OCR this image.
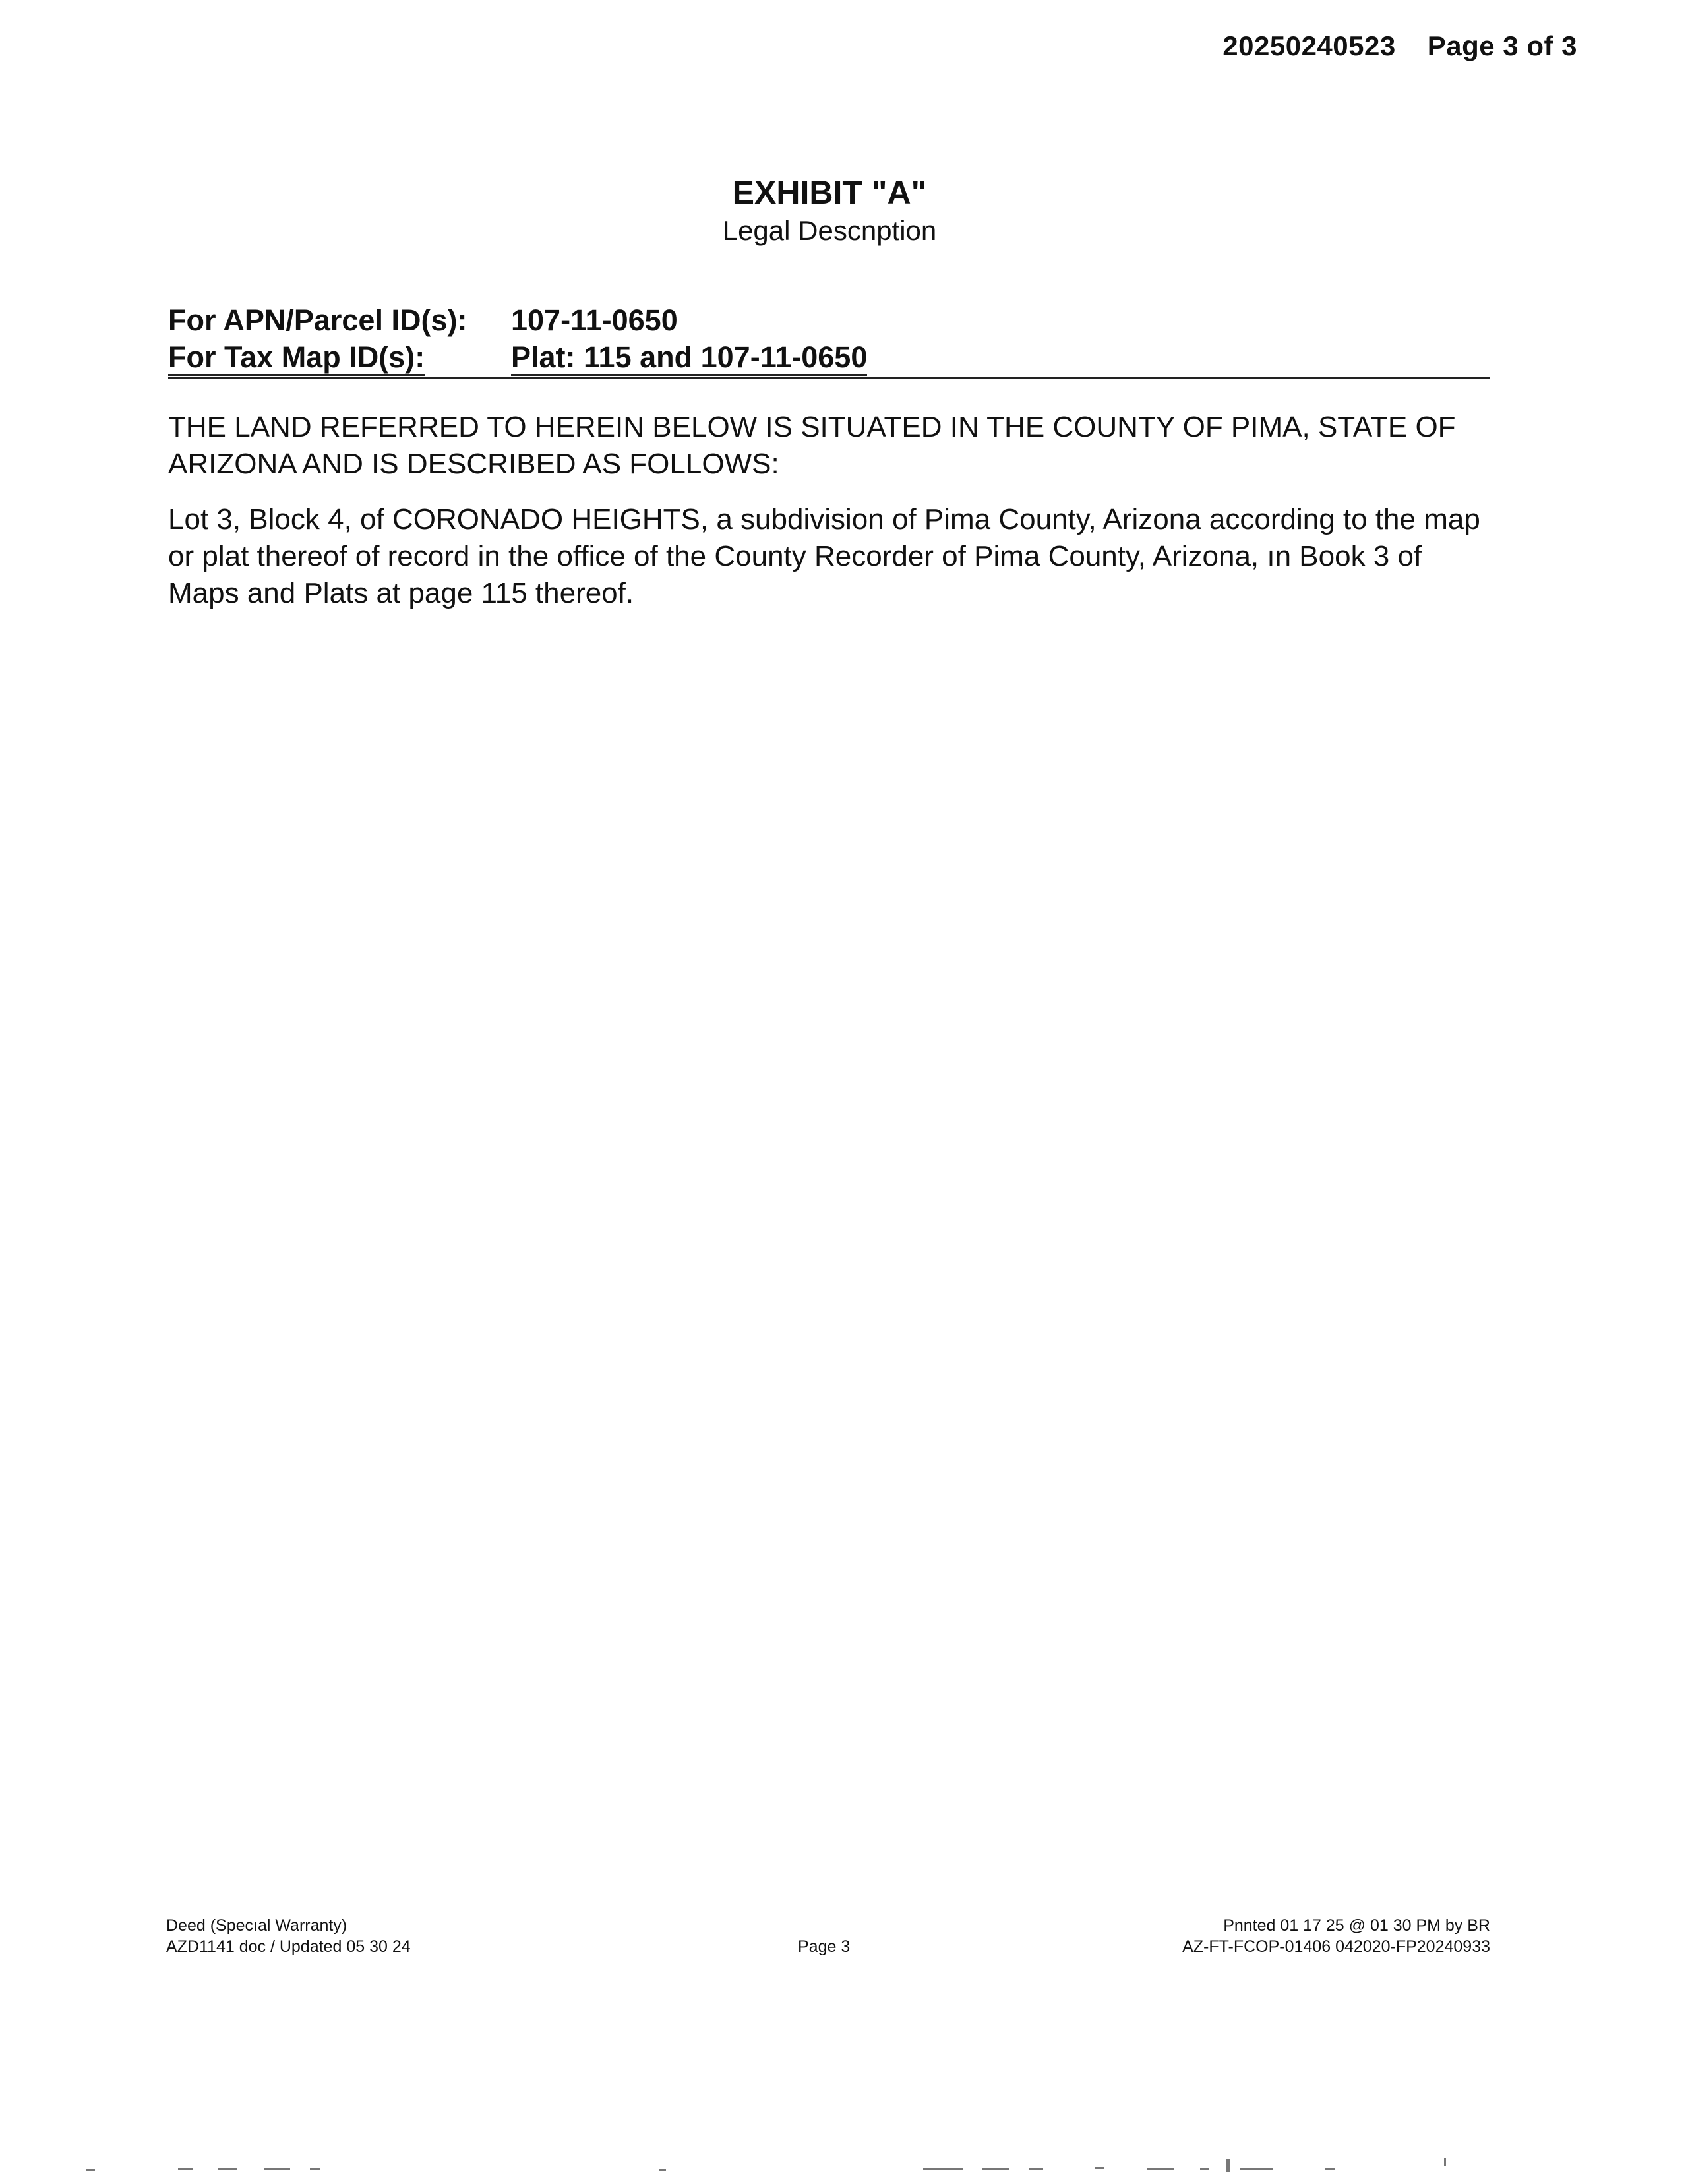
20250240523 Page 3 of 3
EXHIBIT "A"
Legal Descnption
For APN/Parcel ID(s):	107-11-0650
For Tax Map ID(s):	Plat: 115 and 107-11-0650
THE LAND REFERRED TO HEREIN BELOW IS SITUATED IN THE COUNTY OF PIMA, STATE OF ARIZONA AND IS DESCRIBED AS FOLLOWS:
Lot 3, Block 4, of CORONADO HEIGHTS, a subdivision of Pima County, Arizona according to the map or plat thereof of record in the office of the County Recorder of Pima County, Arizona, ın Book 3 of Maps and Plats at page 115 thereof.
Deed (Specıal Warranty)
AZD1141 doc / Updated 05 30 24	Page 3
Pnnted 01 17 25 @ 01 30 PM by BR
AZ-FT-FCOP-01406 042020-FP20240933
